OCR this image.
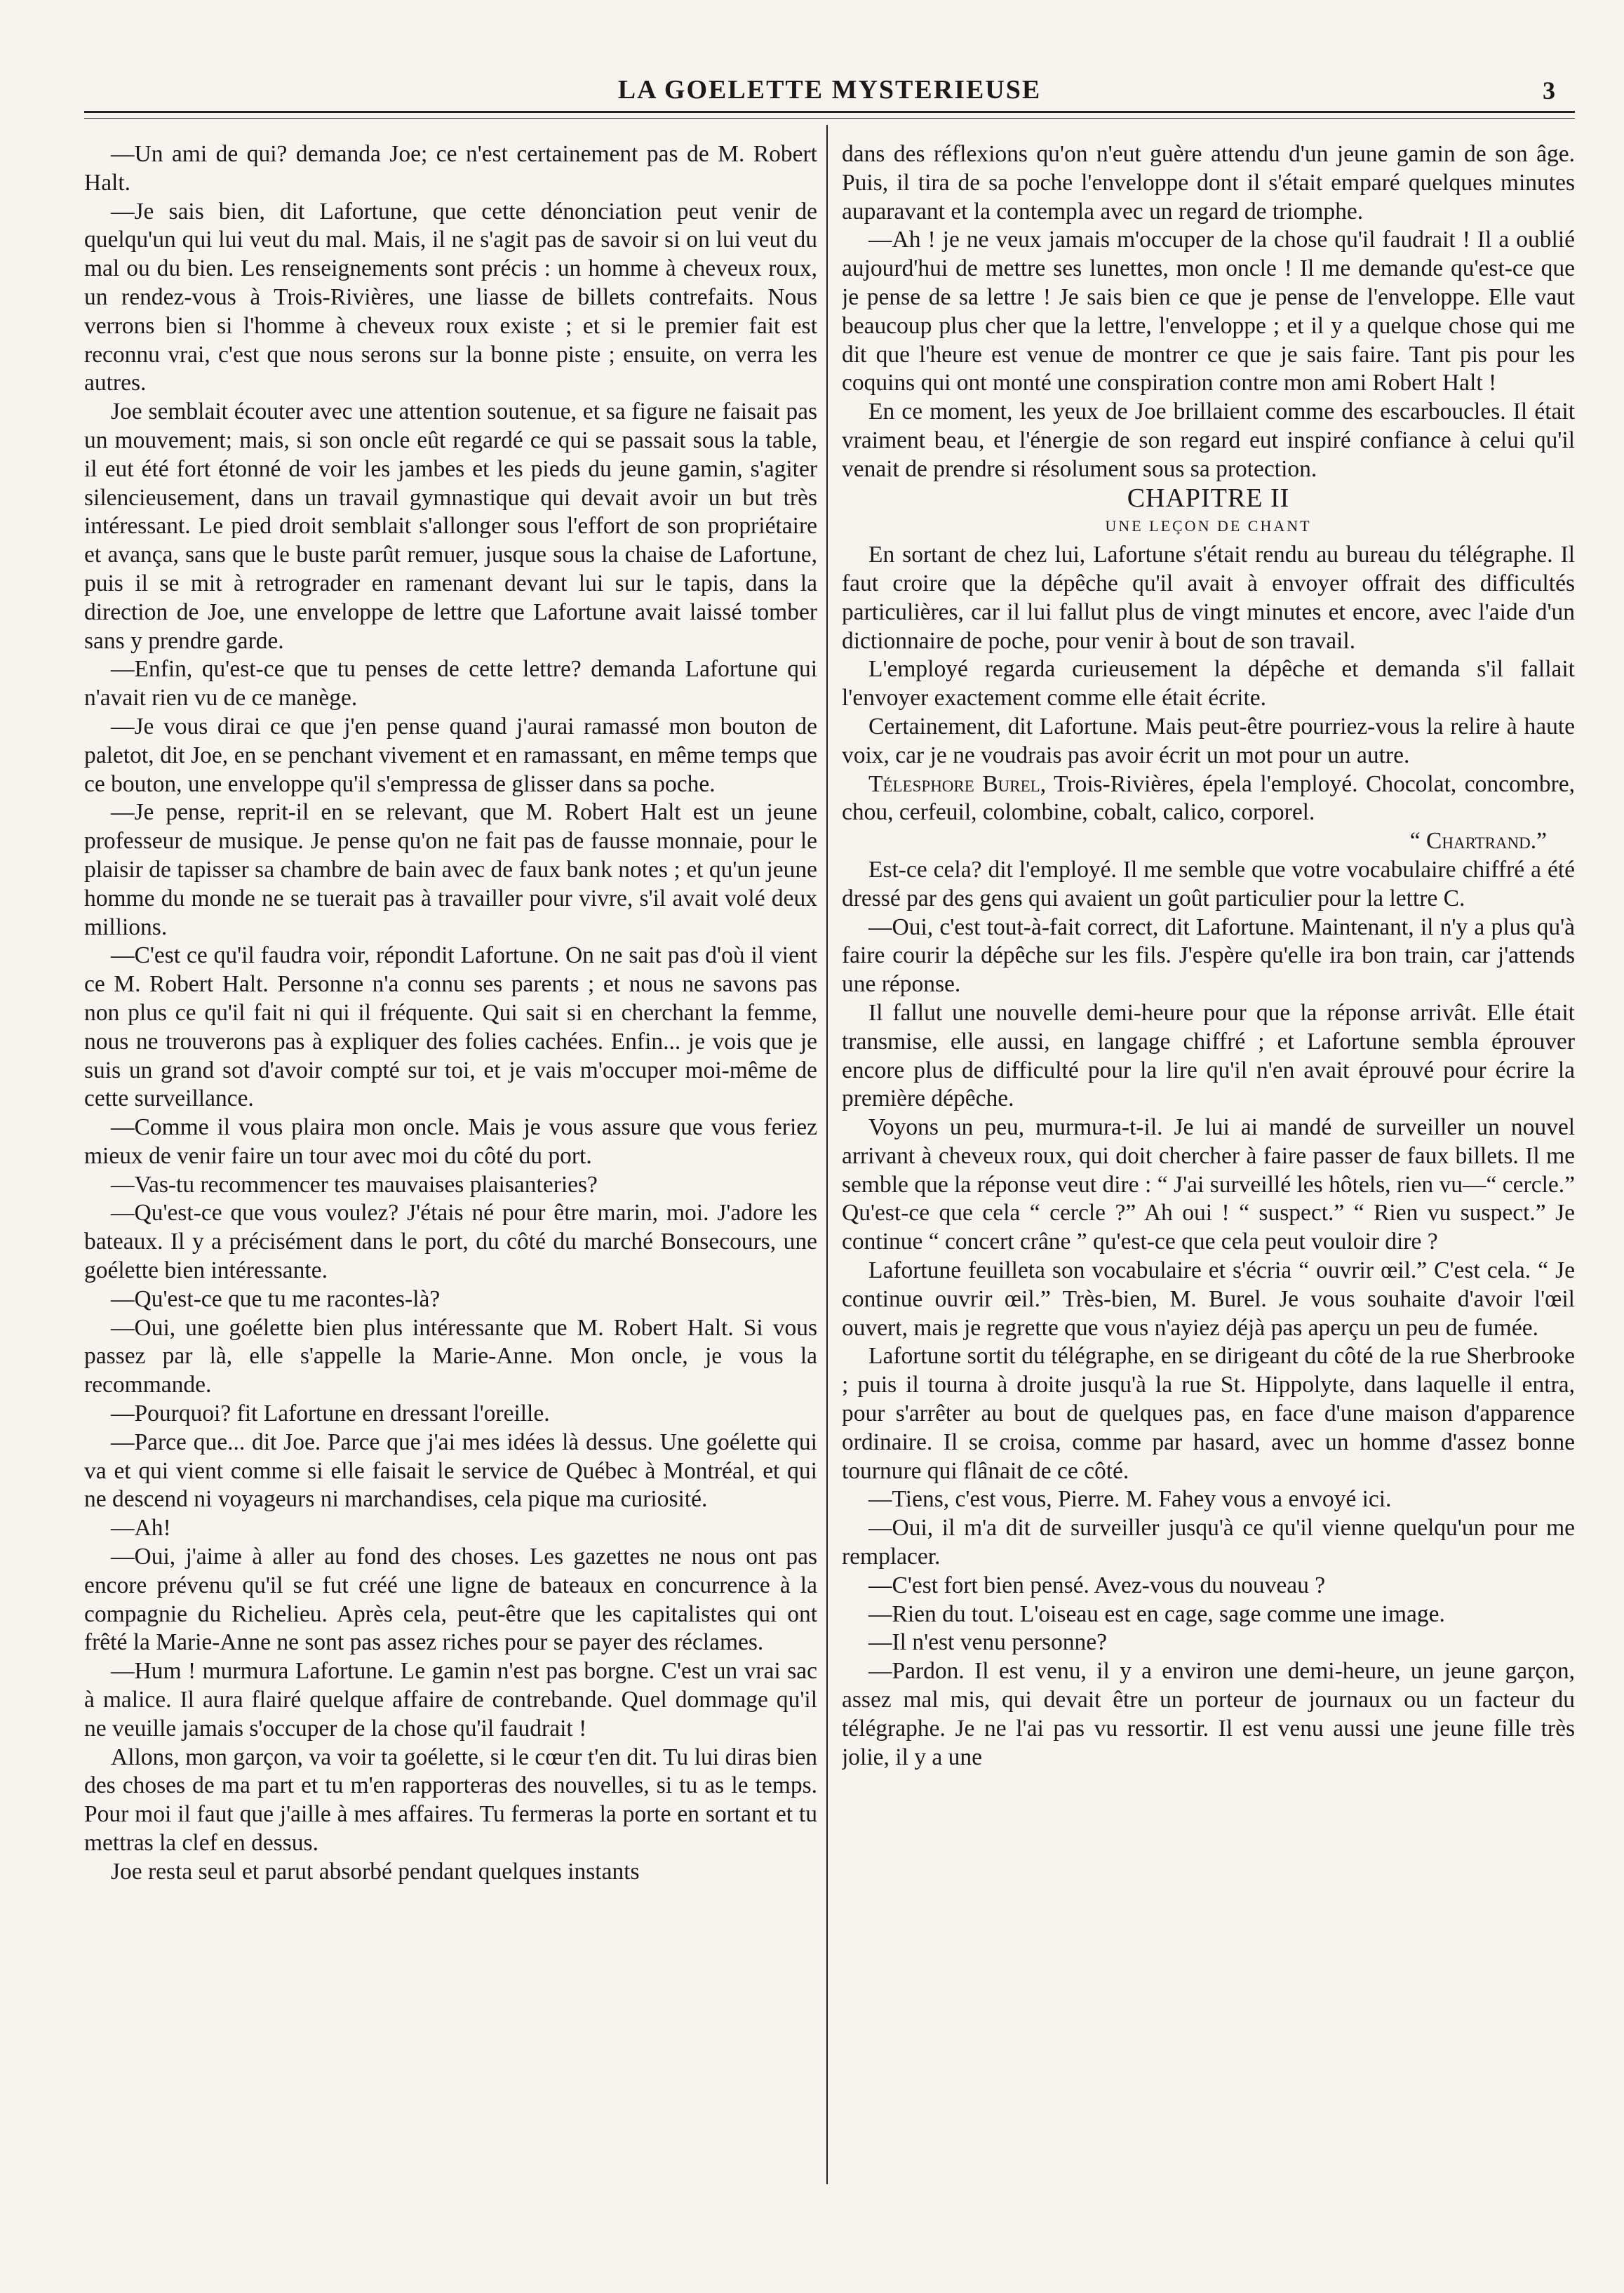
LA GOELETTE MYSTERIEUSE	3

—Un ami de qui? demanda Joe; ce n'est certainement pas de M. Robert Halt.

—Je sais bien, dit Lafortune, que cette dénonciation peut venir de quelqu'un qui lui veut du mal. Mais, il ne s'agit pas de savoir si on lui veut du mal ou du bien. Les renseignements sont précis : un homme à cheveux roux, un rendez-vous à Trois-Rivières, une liasse de billets contrefaits. Nous verrons bien si l'homme à cheveux roux existe ; et si le premier fait est reconnu vrai, c'est que nous serons sur la bonne piste ; ensuite, on verra les autres.

Joe semblait écouter avec une attention soutenue, et sa figure ne faisait pas un mouvement; mais, si son oncle eût regardé ce qui se passait sous la table, il eut été fort étonné de voir les jambes et les pieds du jeune gamin, s'agiter silencieusement, dans un travail gymnastique qui devait avoir un but très intéressant. Le pied droit semblait s'allonger sous l'effort de son propriétaire et avança, sans que le buste parût remuer, jusque sous la chaise de Lafortune, puis il se mit à retrograder en ramenant devant lui sur le tapis, dans la direction de Joe, une enveloppe de lettre que Lafortune avait laissé tomber sans y prendre garde.

—Enfin, qu'est-ce que tu penses de cette lettre? demanda Lafortune qui n'avait rien vu de ce manège.

—Je vous dirai ce que j'en pense quand j'aurai ramassé mon bouton de paletot, dit Joe, en se penchant vivement et en ramassant, en même temps que ce bouton, une enveloppe qu'il s'empressa de glisser dans sa poche.

—Je pense, reprit-il en se relevant, que M. Robert Halt est un jeune professeur de musique. Je pense qu'on ne fait pas de fausse monnaie, pour le plaisir de tapisser sa chambre de bain avec de faux bank notes ; et qu'un jeune homme du monde ne se tuerait pas à travailler pour vivre, s'il avait volé deux millions.

—C'est ce qu'il faudra voir, répondit Lafortune. On ne sait pas d'où il vient ce M. Robert Halt. Personne n'a connu ses parents ; et nous ne savons pas non plus ce qu'il fait ni qui il fréquente. Qui sait si en cherchant la femme, nous ne trouverons pas à expliquer des folies cachées. Enfin... je vois que je suis un grand sot d'avoir compté sur toi, et je vais m'occuper moi-même de cette surveillance.

—Comme il vous plaira mon oncle. Mais je vous assure que vous feriez mieux de venir faire un tour avec moi du côté du port.

—Vas-tu recommencer tes mauvaises plaisanteries?

—Qu'est-ce que vous voulez? J'étais né pour être marin, moi. J'adore les bateaux. Il y a précisément dans le port, du côté du marché Bonsecours, une goélette bien intéressante.

—Qu'est-ce que tu me racontes-là?

—Oui, une goélette bien plus intéressante que M. Robert Halt. Si vous passez par là, elle s'appelle la Marie-Anne. Mon oncle, je vous la recommande.

—Pourquoi? fit Lafortune en dressant l'oreille.

—Parce que... dit Joe. Parce que j'ai mes idées là dessus. Une goélette qui va et qui vient comme si elle faisait le service de Québec à Montréal, et qui ne descend ni voyageurs ni marchandises, cela pique ma curiosité.

—Ah!

—Oui, j'aime à aller au fond des choses. Les gazettes ne nous ont pas encore prévenu qu'il se fut créé une ligne de bateaux en concurrence à la compagnie du Richelieu. Après cela, peut-être que les capitalistes qui ont frêté la Marie-Anne ne sont pas assez riches pour se payer des réclames.

—Hum ! murmura Lafortune. Le gamin n'est pas borgne. C'est un vrai sac à malice. Il aura flairé quelque affaire de contrebande. Quel dommage qu'il ne veuille jamais s'occuper de la chose qu'il faudrait !

Allons, mon garçon, va voir ta goélette, si le cœur t'en dit. Tu lui diras bien des choses de ma part et tu m'en rapporteras des nouvelles, si tu as le temps. Pour moi il faut que j'aille à mes affaires. Tu fermeras la porte en sortant et tu mettras la clef en dessus.

Joe resta seul et parut absorbé pendant quelques instants

dans des réflexions qu'on n'eut guère attendu d'un jeune gamin de son âge. Puis, il tira de sa poche l'enveloppe dont il s'était emparé quelques minutes auparavant et la contempla avec un regard de triomphe.

—Ah ! je ne veux jamais m'occuper de la chose qu'il faudrait ! Il a oublié aujourd'hui de mettre ses lunettes, mon oncle ! Il me demande qu'est-ce que je pense de sa lettre ! Je sais bien ce que je pense de l'enveloppe. Elle vaut beaucoup plus cher que la lettre, l'enveloppe ; et il y a quelque chose qui me dit que l'heure est venue de montrer ce que je sais faire. Tant pis pour les coquins qui ont monté une conspiration contre mon ami Robert Halt !

En ce moment, les yeux de Joe brillaient comme des escarboucles. Il était vraiment beau, et l'énergie de son regard eut inspiré confiance à celui qu'il venait de prendre si résolument sous sa protection.

CHAPITRE II

UNE LEÇON DE CHANT

En sortant de chez lui, Lafortune s'était rendu au bureau du télégraphe. Il faut croire que la dépêche qu'il avait à envoyer offrait des difficultés particulières, car il lui fallut plus de vingt minutes et encore, avec l'aide d'un dictionnaire de poche, pour venir à bout de son travail.

L'employé regarda curieusement la dépêche et demanda s'il fallait l'envoyer exactement comme elle était écrite.

Certainement, dit Lafortune. Mais peut-être pourriez-vous la relire à haute voix, car je ne voudrais pas avoir écrit un mot pour un autre.

Télesphore Burel, Trois-Rivières, épela l'employé. Chocolat, concombre, chou, cerfeuil, colombine, cobalt, calico, corporel.

“ Chartrand.”

Est-ce cela? dit l'employé. Il me semble que votre vocabulaire chiffré a été dressé par des gens qui avaient un goût particulier pour la lettre C.

—Oui, c'est tout-à-fait correct, dit Lafortune. Maintenant, il n'y a plus qu'à faire courir la dépêche sur les fils. J'espère qu'elle ira bon train, car j'attends une réponse.

Il fallut une nouvelle demi-heure pour que la réponse arrivât. Elle était transmise, elle aussi, en langage chiffré ; et Lafortune sembla éprouver encore plus de difficulté pour la lire qu'il n'en avait éprouvé pour écrire la première dépêche.

Voyons un peu, murmura-t-il. Je lui ai mandé de surveiller un nouvel arrivant à cheveux roux, qui doit chercher à faire passer de faux billets. Il me semble que la réponse veut dire : “ J'ai surveillé les hôtels, rien vu—“ cercle.” Qu'est-ce que cela “ cercle ?” Ah oui ! “ suspect.” “ Rien vu suspect.” Je continue “ concert crâne ” qu'est-ce que cela peut vouloir dire ?

Lafortune feuilleta son vocabulaire et s'écria “ ouvrir œil.” C'est cela. “ Je continue ouvrir œil.” Très-bien, M. Burel. Je vous souhaite d'avoir l'œil ouvert, mais je regrette que vous n'ayiez déjà pas aperçu un peu de fumée.

Lafortune sortit du télégraphe, en se dirigeant du côté de la rue Sherbrooke ; puis il tourna à droite jusqu'à la rue St. Hippolyte, dans laquelle il entra, pour s'arrêter au bout de quelques pas, en face d'une maison d'apparence ordinaire. Il se croisa, comme par hasard, avec un homme d'assez bonne tournure qui flânait de ce côté.

—Tiens, c'est vous, Pierre. M. Fahey vous a envoyé ici.

—Oui, il m'a dit de surveiller jusqu'à ce qu'il vienne quelqu'un pour me remplacer.

—C'est fort bien pensé. Avez-vous du nouveau ?

—Rien du tout. L'oiseau est en cage, sage comme une image.

—Il n'est venu personne?

—Pardon. Il est venu, il y a environ une demi-heure, un jeune garçon, assez mal mis, qui devait être un porteur de journaux ou un facteur du télégraphe. Je ne l'ai pas vu ressortir. Il est venu aussi une jeune fille très jolie, il y a une
